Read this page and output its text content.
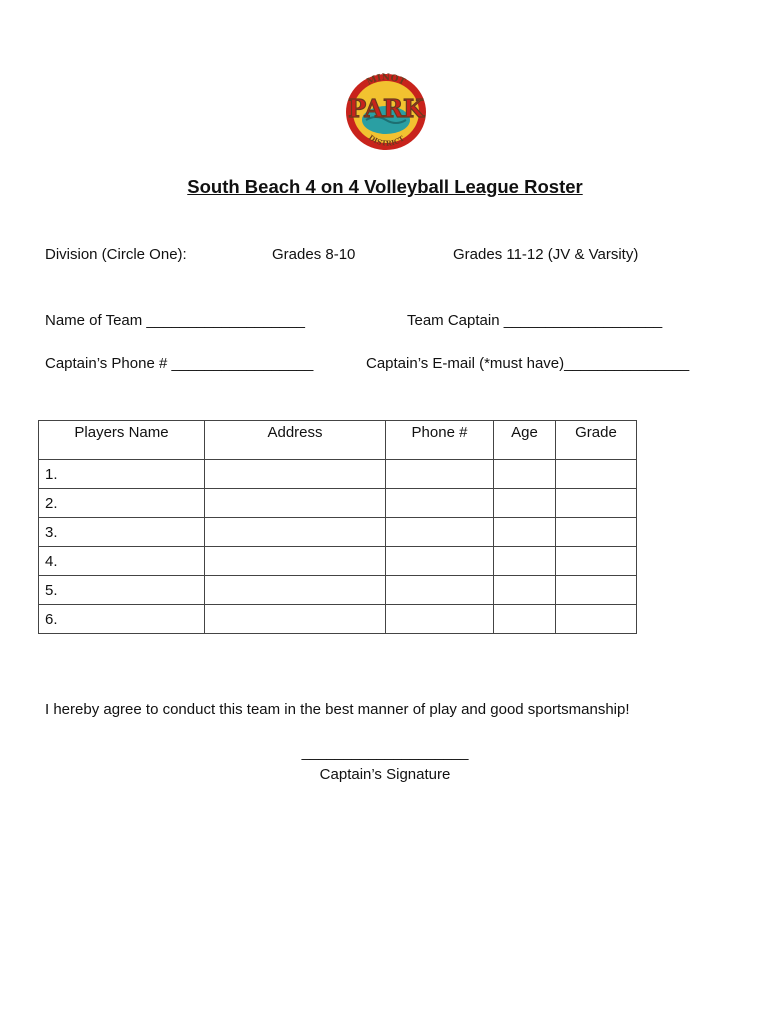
MINOT
PARK
DISTRICT
South Beach 4 on 4 Volleyball League Roster
Division (Circle One):	Grades 8-10	Grades 11-12 (JV & Varsity)
Name of Team ___________________	Team Captain ___________________
Captain’s Phone # _________________	Captain’s E-mail (*must have)_______________
Players Name	Address	Phone #	Age	Grade
1.				
2.				
3.				
4.				
5.				
6.				
I hereby agree to conduct this team in the best manner of play and good sportsmanship!
____________________
Captain’s Signature
